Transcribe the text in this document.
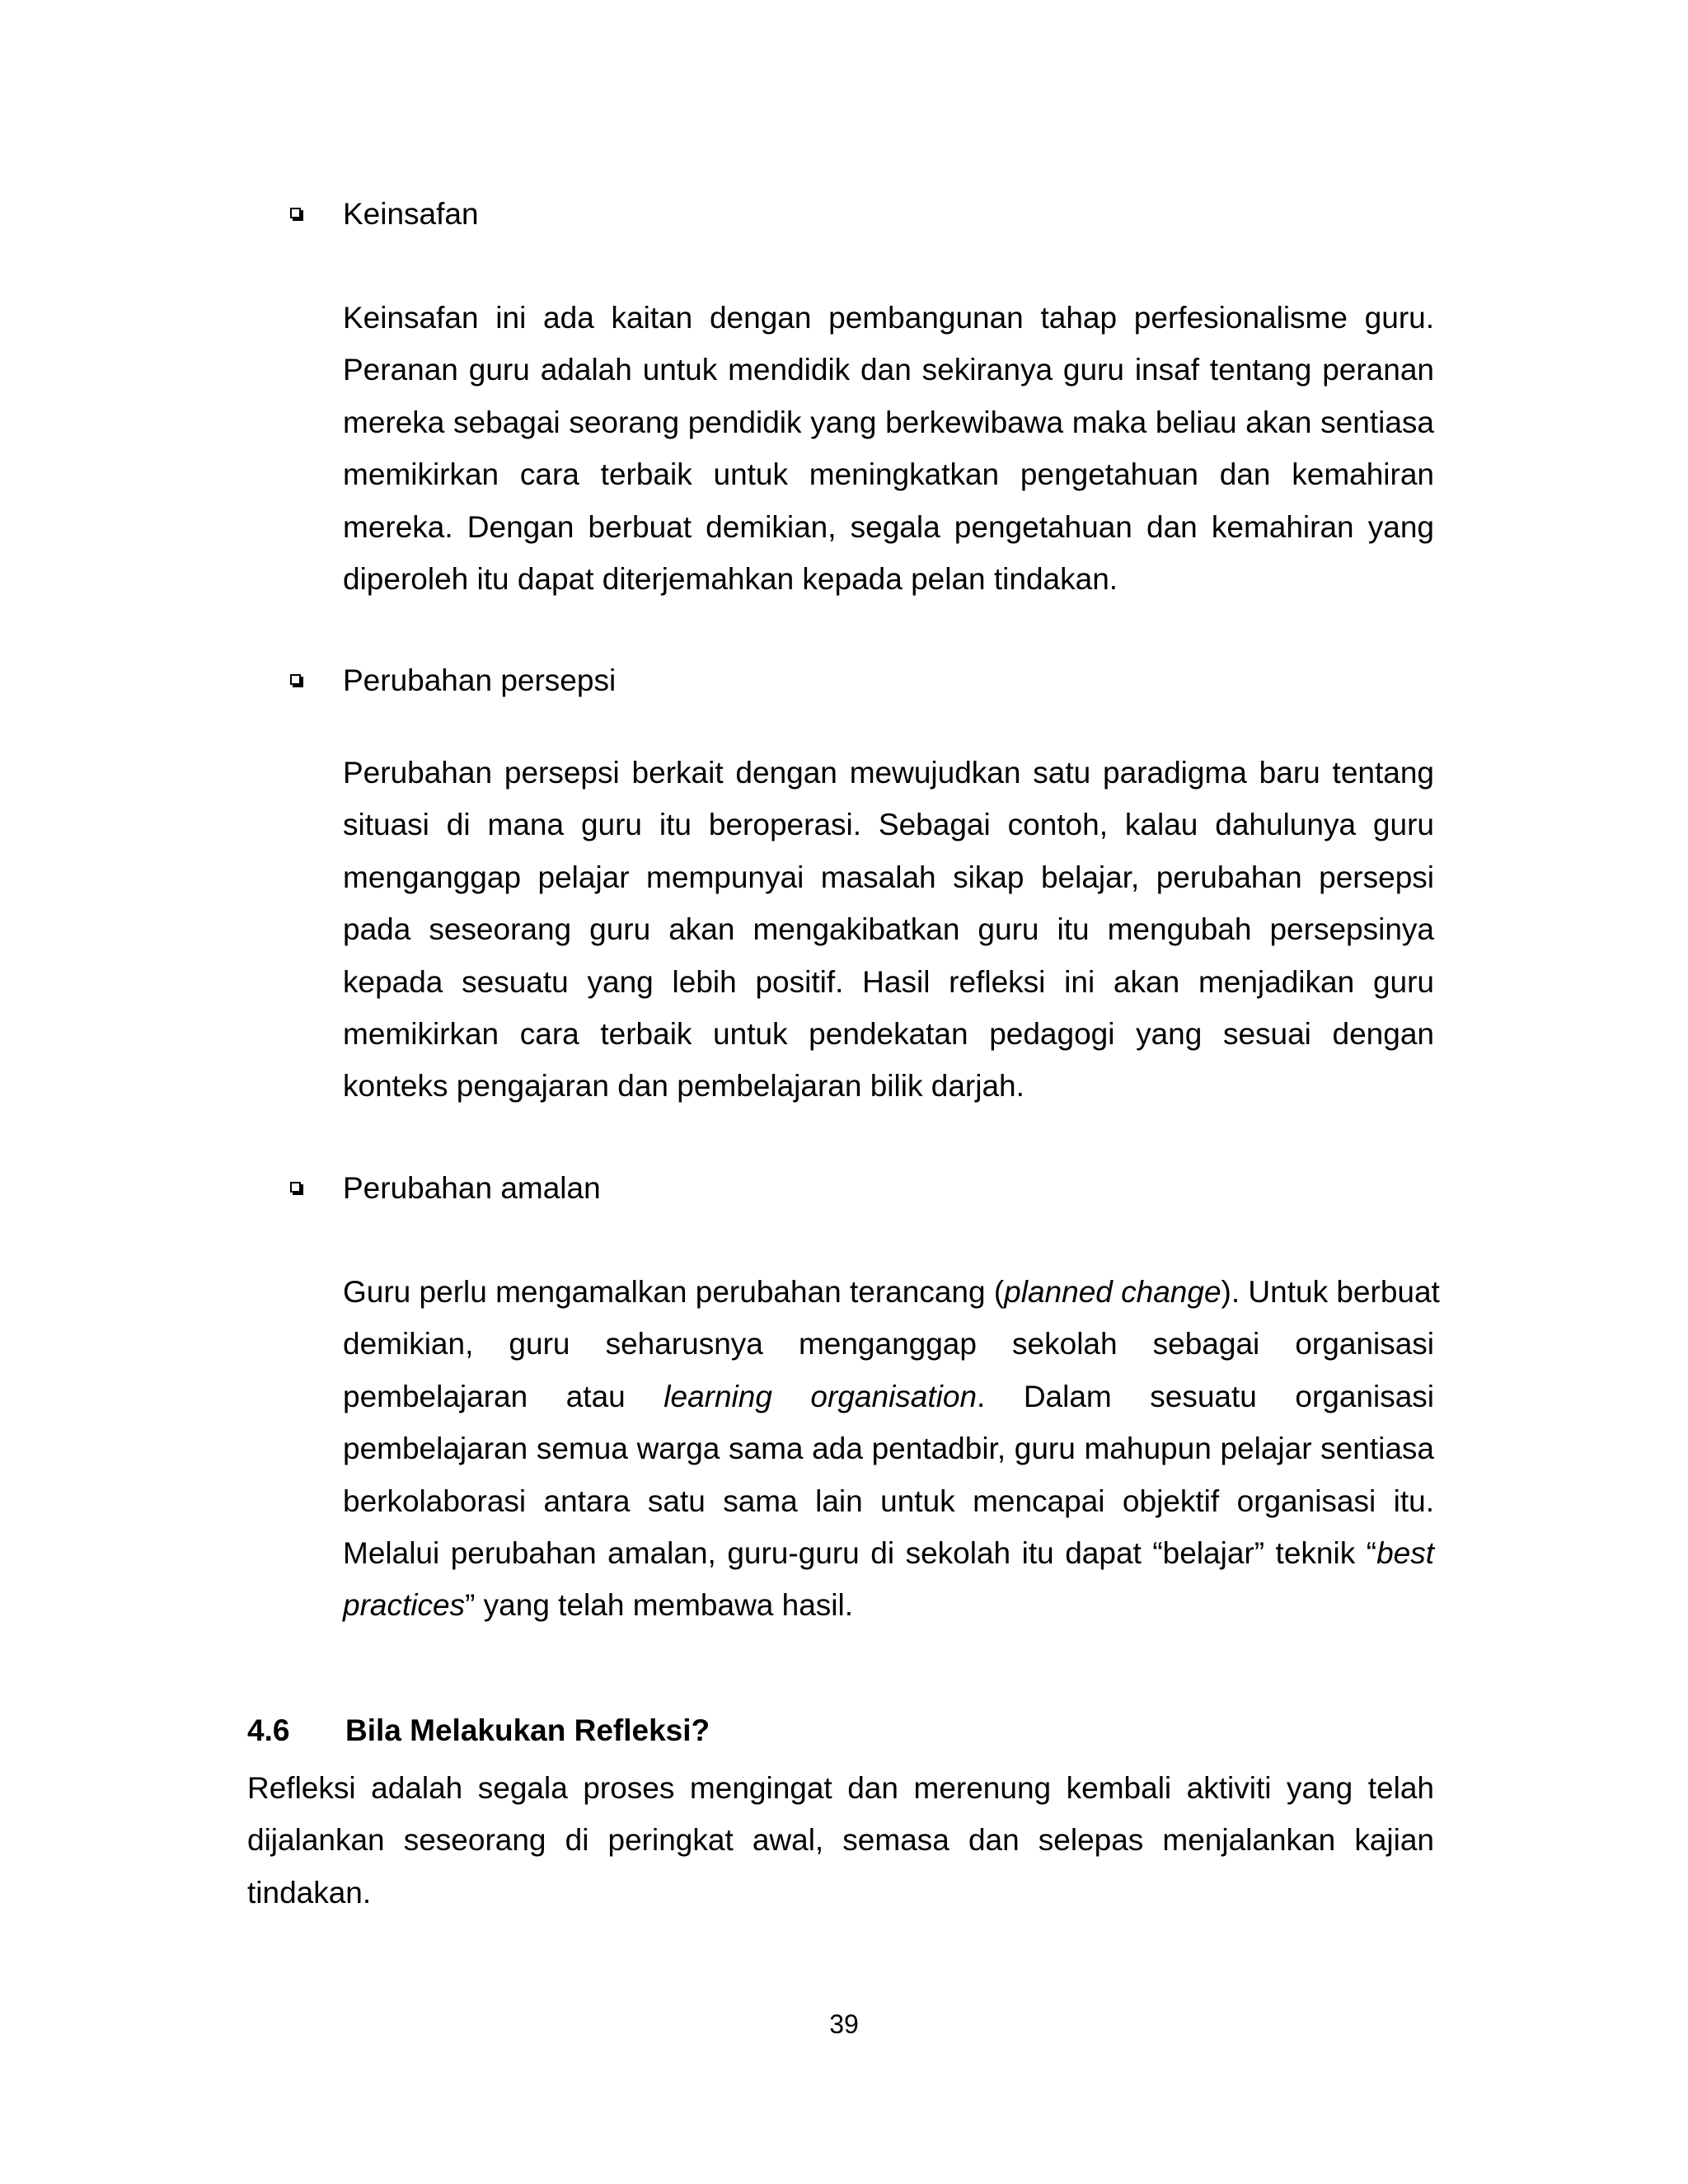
Keinsafan
Keinsafan ini ada kaitan dengan pembangunan tahap perfesionalisme guru.
Peranan guru adalah untuk mendidik dan sekiranya guru insaf tentang peranan
mereka sebagai seorang pendidik yang berkewibawa maka beliau akan sentiasa
memikirkan cara terbaik untuk meningkatkan pengetahuan dan kemahiran
mereka. Dengan berbuat demikian, segala pengetahuan dan kemahiran yang
diperoleh itu dapat diterjemahkan kepada pelan tindakan.
Perubahan persepsi
Perubahan persepsi berkait dengan mewujudkan satu paradigma baru tentang
situasi di mana guru itu beroperasi. Sebagai contoh, kalau dahulunya guru
menganggap pelajar mempunyai masalah sikap belajar, perubahan persepsi
pada seseorang guru akan mengakibatkan guru itu mengubah persepsinya
kepada sesuatu yang lebih positif. Hasil refleksi ini akan menjadikan guru
memikirkan cara terbaik untuk pendekatan pedagogi yang sesuai dengan
konteks pengajaran dan pembelajaran bilik darjah.
Perubahan amalan
Guru perlu mengamalkan perubahan terancang (planned change). Untuk berbuat
demikian, guru seharusnya menganggap sekolah sebagai organisasi
pembelajaran atau learning organisation. Dalam sesuatu organisasi
pembelajaran semua warga sama ada pentadbir, guru mahupun pelajar sentiasa
berkolaborasi antara satu sama lain untuk mencapai objektif organisasi itu.
Melalui perubahan amalan, guru-guru di sekolah itu dapat “belajar” teknik “best
practices” yang telah membawa hasil.
4.6 Bila Melakukan Refleksi?
Refleksi adalah segala proses mengingat dan merenung kembali aktiviti yang telah
dijalankan seseorang di peringkat awal, semasa dan selepas menjalankan kajian
tindakan.
39
